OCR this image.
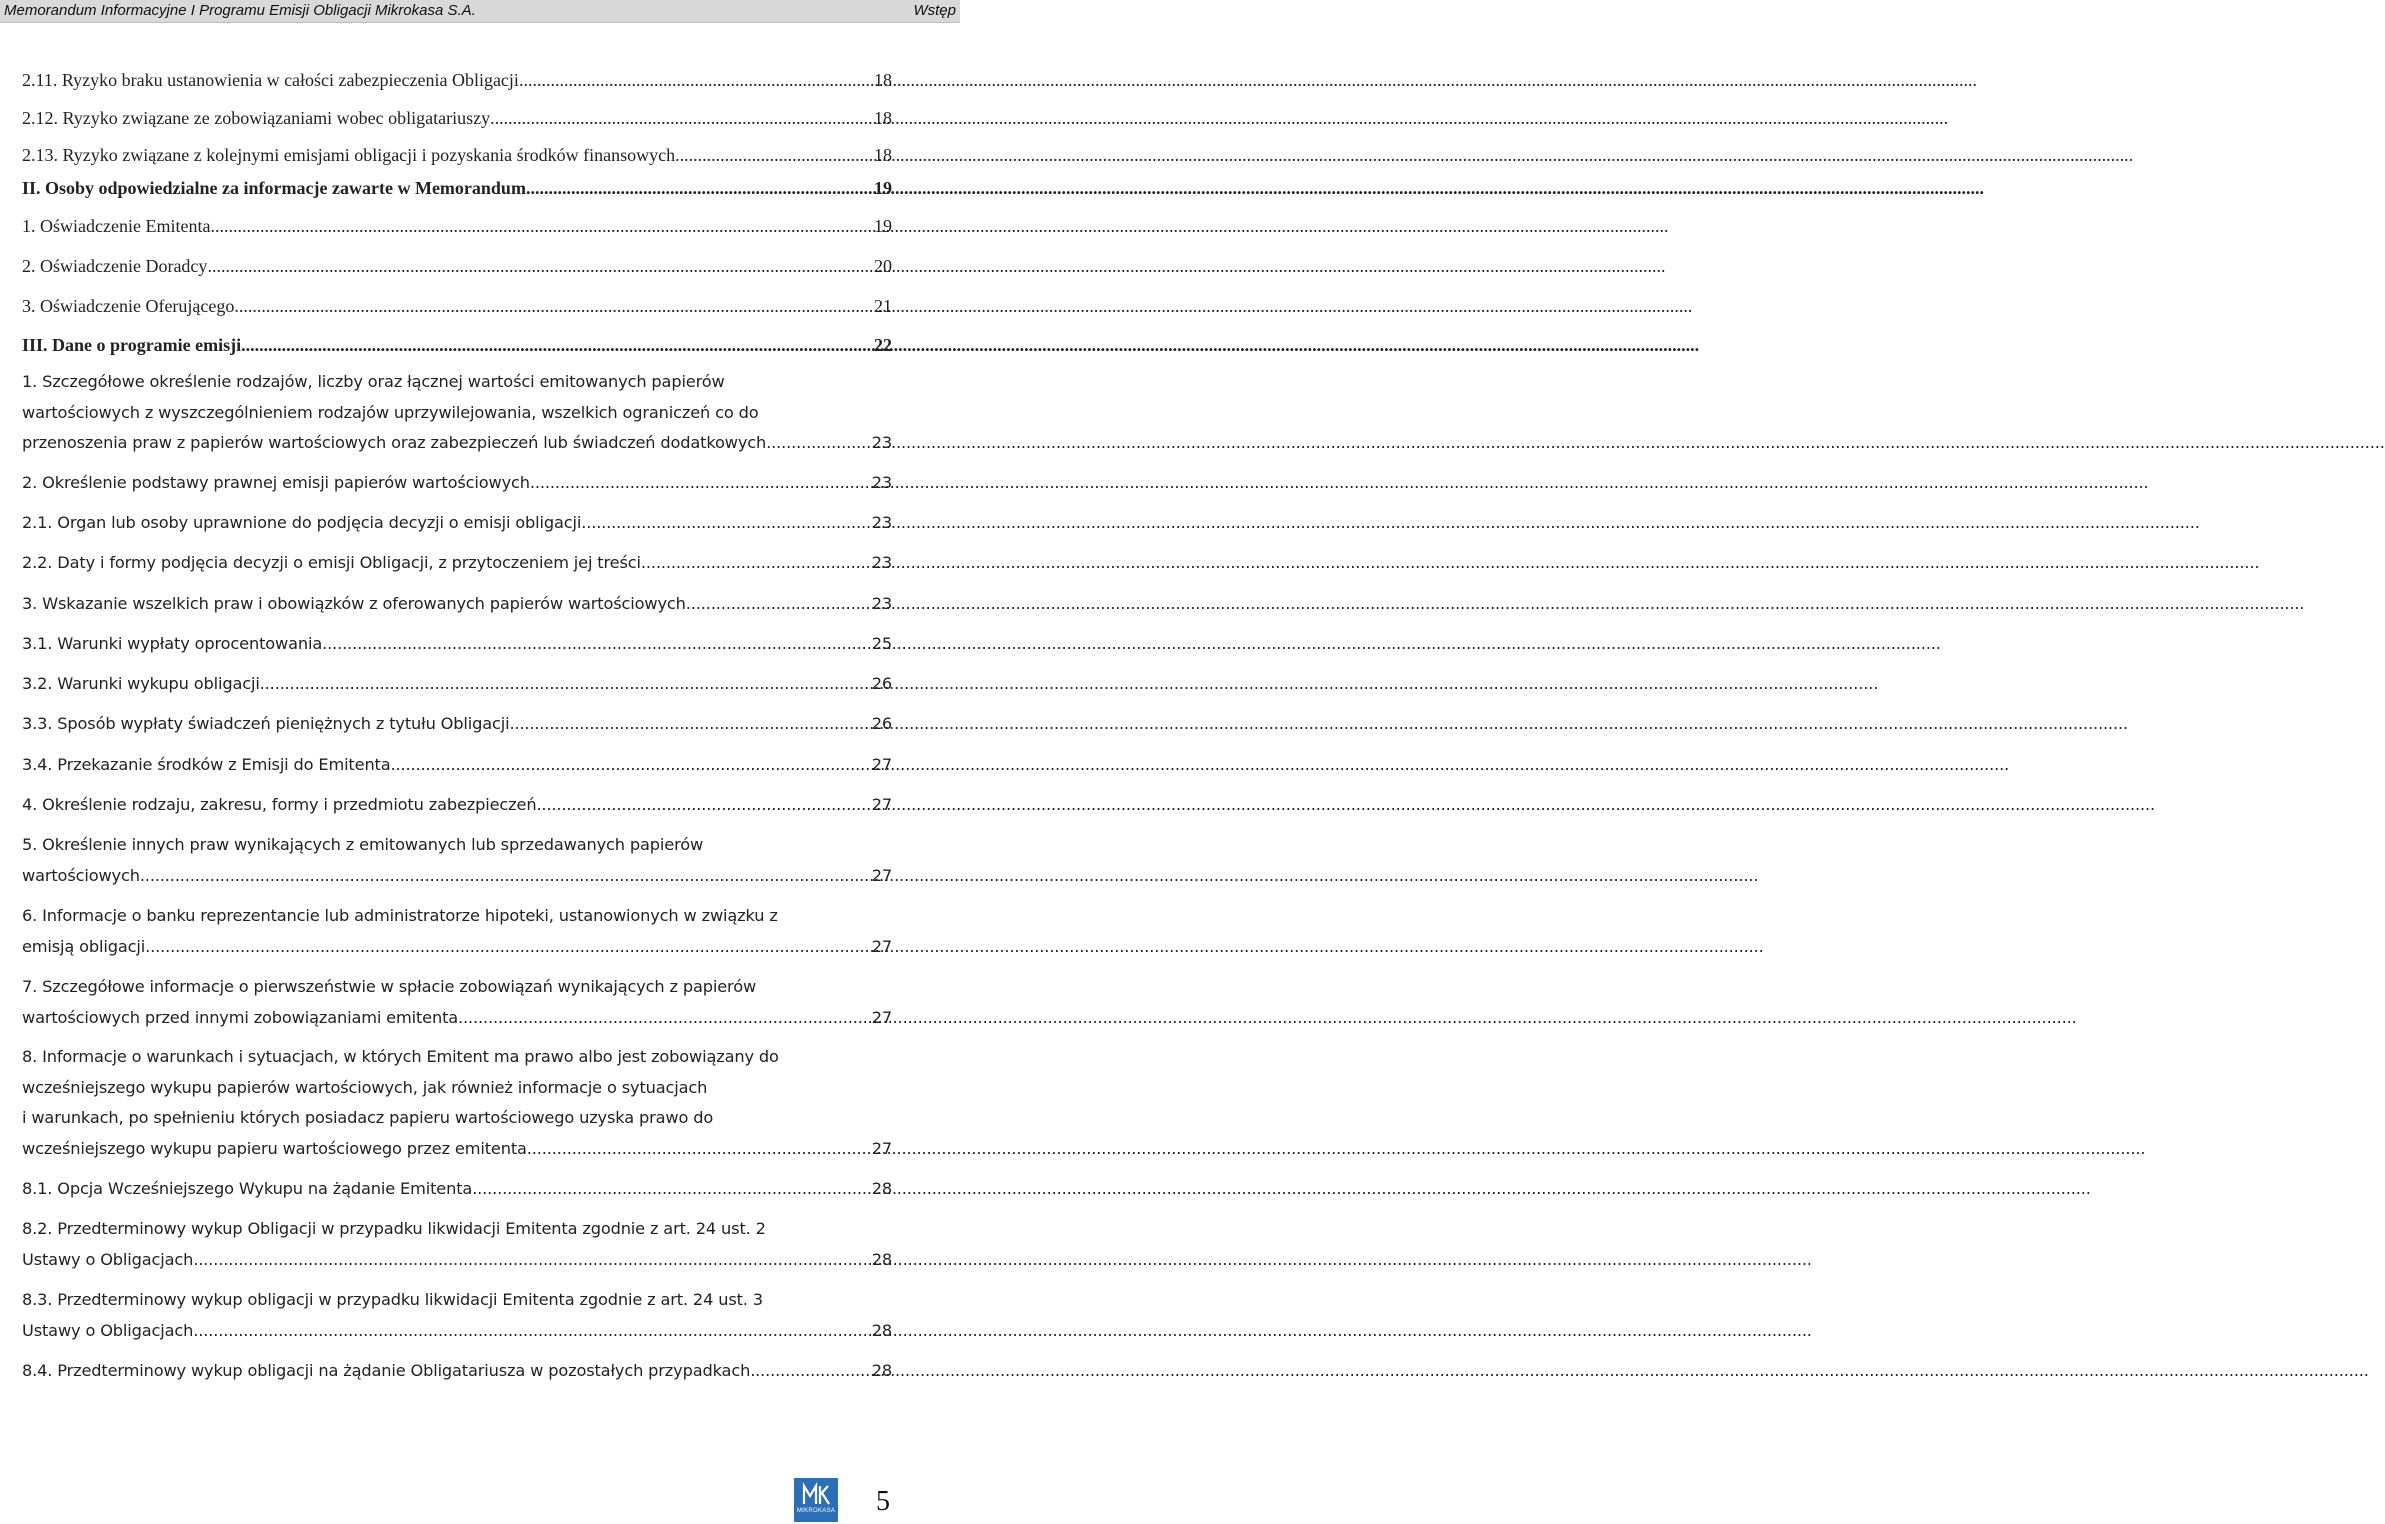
Memorandum Informacyjne I Programu Emisji Obligacji Mikrokasa S.A.	Wstęp
2.11. Ryzyko braku ustanowienia w całości zabezpieczenia Obligacji .....	18
2.12. Ryzyko związane ze zobowiązaniami wobec obligatariuszy .....	18
2.13. Ryzyko związane z kolejnymi emisjami obligacji i pozyskania środków finansowych .....	18
II. Osoby odpowiedzialne za informacje zawarte w Memorandum .....	19
1. Oświadczenie Emitenta .....	19
2. Oświadczenie Doradcy .....	20
3. Oświadczenie Oferującego .....	21
III. Dane o programie emisji .....	22
1. Szczegółowe określenie rodzajów, liczby oraz łącznej wartości emitowanych papierów
wartościowych z wyszczególnieniem rodzajów uprzywilejowania, wszelkich ograniczeń co do
przenoszenia praw z papierów wartościowych oraz zabezpieczeń lub świadczeń dodatkowych .....	23
2. Określenie podstawy prawnej emisji papierów wartościowych .....	23
2.1. Organ lub osoby uprawnione do podjęcia decyzji o emisji obligacji .....	23
2.2. Daty i formy podjęcia decyzji o emisji Obligacji, z przytoczeniem jej treści .....	23
3. Wskazanie wszelkich praw i obowiązków z oferowanych papierów wartościowych .....	23
3.1. Warunki wypłaty oprocentowania .....	25
3.2. Warunki wykupu obligacji .....	26
3.3. Sposób wypłaty świadczeń pieniężnych z tytułu Obligacji .....	26
3.4. Przekazanie środków z Emisji do Emitenta .....	27
4. Określenie rodzaju, zakresu, formy i przedmiotu zabezpieczeń .....	27
5. Określenie innych praw wynikających z emitowanych lub sprzedawanych papierów
wartościowych .....	27
6. Informacje o banku reprezentancie lub administratorze hipoteki, ustanowionych w związku z
emisją obligacji .....	27
7. Szczegółowe informacje o pierwszeństwie w spłacie zobowiązań wynikających z papierów
wartościowych przed innymi zobowiązaniami emitenta .....	27
8. Informacje o warunkach i sytuacjach, w których Emitent ma prawo albo jest zobowiązany do
wcześniejszego wykupu papierów wartościowych, jak również informacje o sytuacjach
i warunkach, po spełnieniu których posiadacz papieru wartościowego uzyska prawo do
wcześniejszego wykupu papieru wartościowego przez emitenta .....	27
8.1. Opcja Wcześniejszego Wykupu na żądanie Emitenta .....	28
8.2. Przedterminowy wykup Obligacji w przypadku likwidacji Emitenta zgodnie z art. 24 ust. 2
Ustawy o Obligacjach .....	28
8.3. Przedterminowy wykup obligacji w przypadku likwidacji Emitenta zgodnie z art. 24 ust. 3
Ustawy o Obligacjach .....	28
8.4. Przedterminowy wykup obligacji na żądanie Obligatariusza w pozostałych przypadkach .....	28
MIKROKASA 5
